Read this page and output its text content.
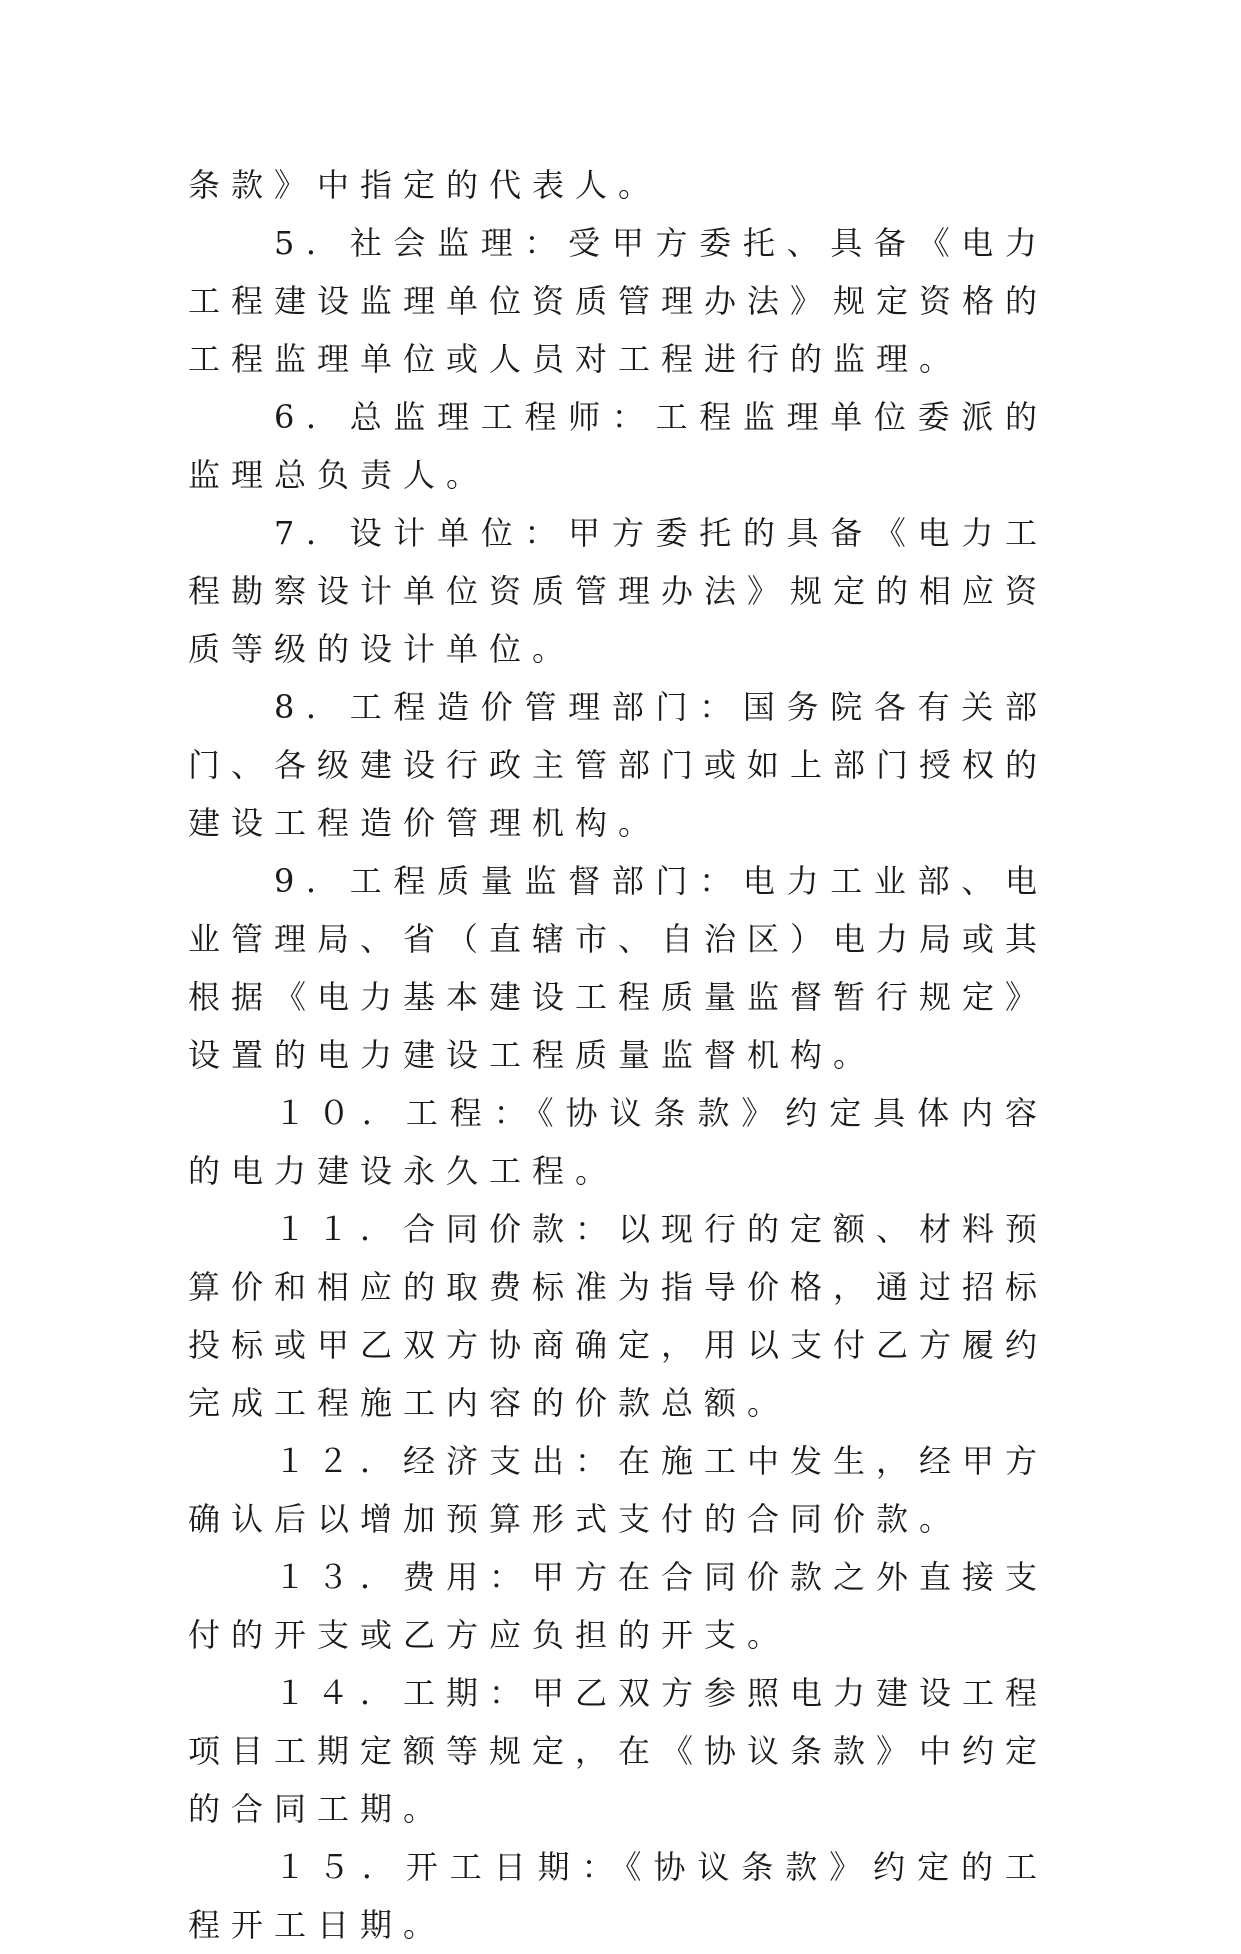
条款》中指定的代表人。

5．社会监理：受甲方委托、具备《电力工程建设监理单位资质管理办法》规定资格的工程监理单位或人员对工程进行的监理。

6．总监理工程师：工程监理单位委派的监理总负责人。

7．设计单位：甲方委托的具备《电力工程勘察设计单位资质管理办法》规定的相应资质等级的设计单位。

8．工程造价管理部门：国务院各有关部门、各级建设行政主管部门或如上部门授权的建设工程造价管理机构。

9．工程质量监督部门：电力工业部、电业管理局、省（直辖市、自治区）电力局或其根据《电力基本建设工程质量监督暂行规定》设置的电力建设工程质量监督机构。

１０．工程：《协议条款》约定具体内容的电力建设永久工程。

１１．合同价款：以现行的定额、材料预算价和相应的取费标准为指导价格，通过招标投标或甲乙双方协商确定，用以支付乙方履约完成工程施工内容的价款总额。

１２．经济支出：在施工中发生，经甲方确认后以增加预算形式支付的合同价款。

１３．费用：甲方在合同价款之外直接支付的开支或乙方应负担的开支。

１４．工期：甲乙双方参照电力建设工程项目工期定额等规定，在《协议条款》中约定的合同工期。

１５．开工日期：《协议条款》约定的工程开工日期。
